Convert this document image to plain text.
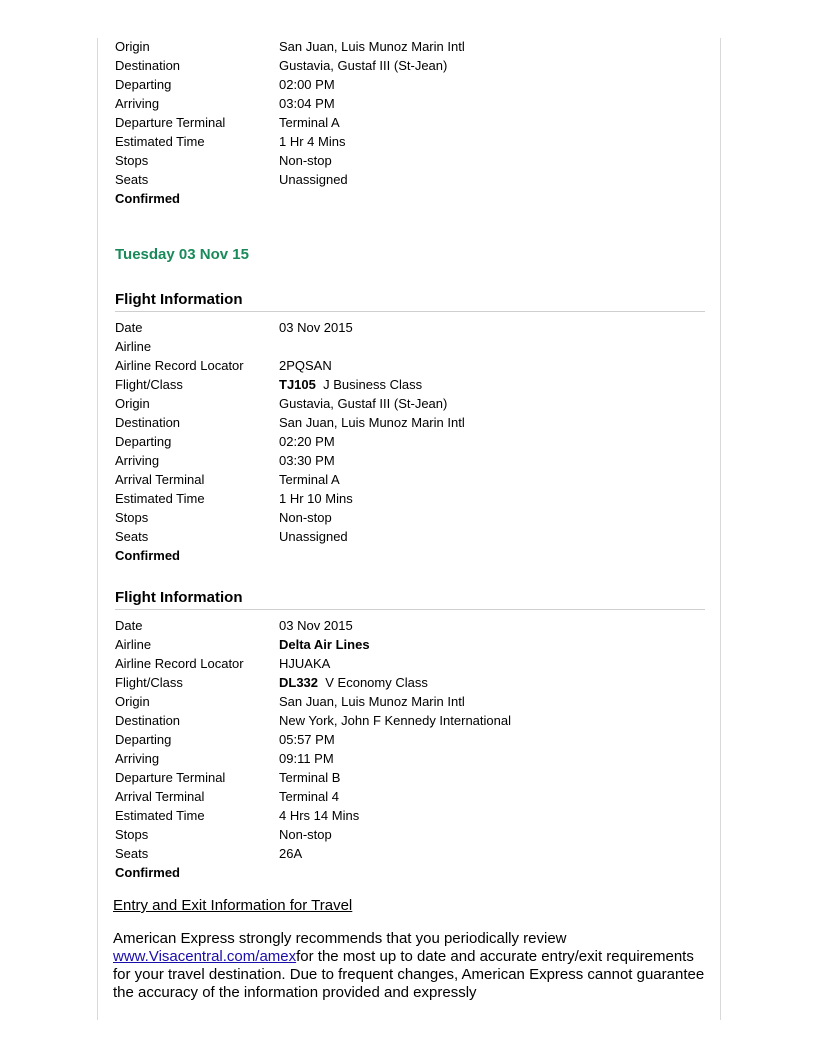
Origin	San Juan, Luis Munoz Marin Intl
Destination	Gustavia, Gustaf III (St-Jean)
Departing	02:00 PM
Arriving	03:04 PM
Departure Terminal	Terminal A
Estimated Time	1 Hr 4 Mins
Stops	Non-stop
Seats	Unassigned
Confirmed
Tuesday 03 Nov 15
Flight Information
Date	03 Nov 2015
Airline
Airline Record Locator	2PQSAN
Flight/Class	TJ105 J Business Class
Origin	Gustavia, Gustaf III (St-Jean)
Destination	San Juan, Luis Munoz Marin Intl
Departing	02:20 PM
Arriving	03:30 PM
Arrival Terminal	Terminal A
Estimated Time	1 Hr 10 Mins
Stops	Non-stop
Seats	Unassigned
Confirmed
Flight Information
Date	03 Nov 2015
Airline	Delta Air Lines
Airline Record Locator	HJUAKA
Flight/Class	DL332 V Economy Class
Origin	San Juan, Luis Munoz Marin Intl
Destination	New York, John F Kennedy International
Departing	05:57 PM
Arriving	09:11 PM
Departure Terminal	Terminal B
Arrival Terminal	Terminal 4
Estimated Time	4 Hrs 14 Mins
Stops	Non-stop
Seats	26A
Confirmed
Entry and Exit Information for Travel
American Express strongly recommends that you periodically review www.Visacentral.com/amexfor the most up to date and accurate entry/exit requirements for your travel destination. Due to frequent changes, American Express cannot guarantee the accuracy of the information provided and expressly
